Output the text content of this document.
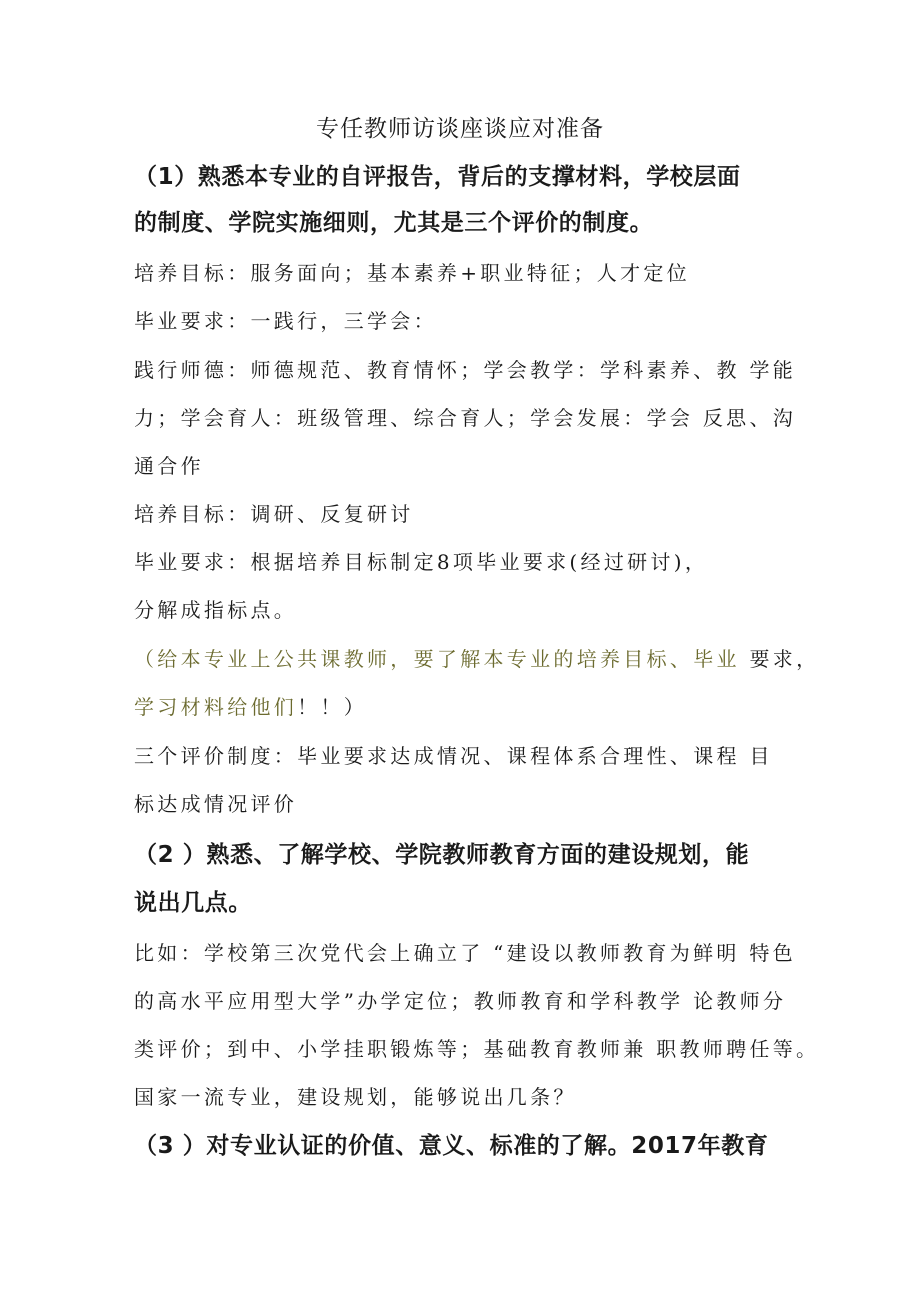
专任教师访谈座谈应对准备
（1）熟悉本专业的自评报告，背后的支撑材料，学校层面
的制度、学院实施细则，尤其是三个评价的制度。
培养目标：服务面向；基本素养+职业特征；人才定位
毕业要求：一践行，三学会：
践行师德：师德规范、教育情怀；学会教学：学科素养、教 学能
力；学会育人：班级管理、综合育人；学会发展：学会 反思、沟
通合作
培养目标：调研、反复研讨
毕业要求：根据培养目标制定8项毕业要求(经过研讨)，
分解成指标点。
（给本专业上公共课教师，要了解本专业的培养目标、毕业 要求，
学习材料给他们！！）
三个评价制度：毕业要求达成情况、课程体系合理性、课程 目
标达成情况评价
（2 ）熟悉、了解学校、学院教师教育方面的建设规划，能
说出几点。
比如：学校第三次党代会上确立了 “建设以教师教育为鲜明 特色
的高水平应用型大学”办学定位；教师教育和学科教学 论教师分
类评价；到中、小学挂职锻炼等；基础教育教师兼 职教师聘任等。
国家一流专业，建设规划，能够说出几条？
（3 ）对专业认证的价值、意义、标准的了解。2017年教育
